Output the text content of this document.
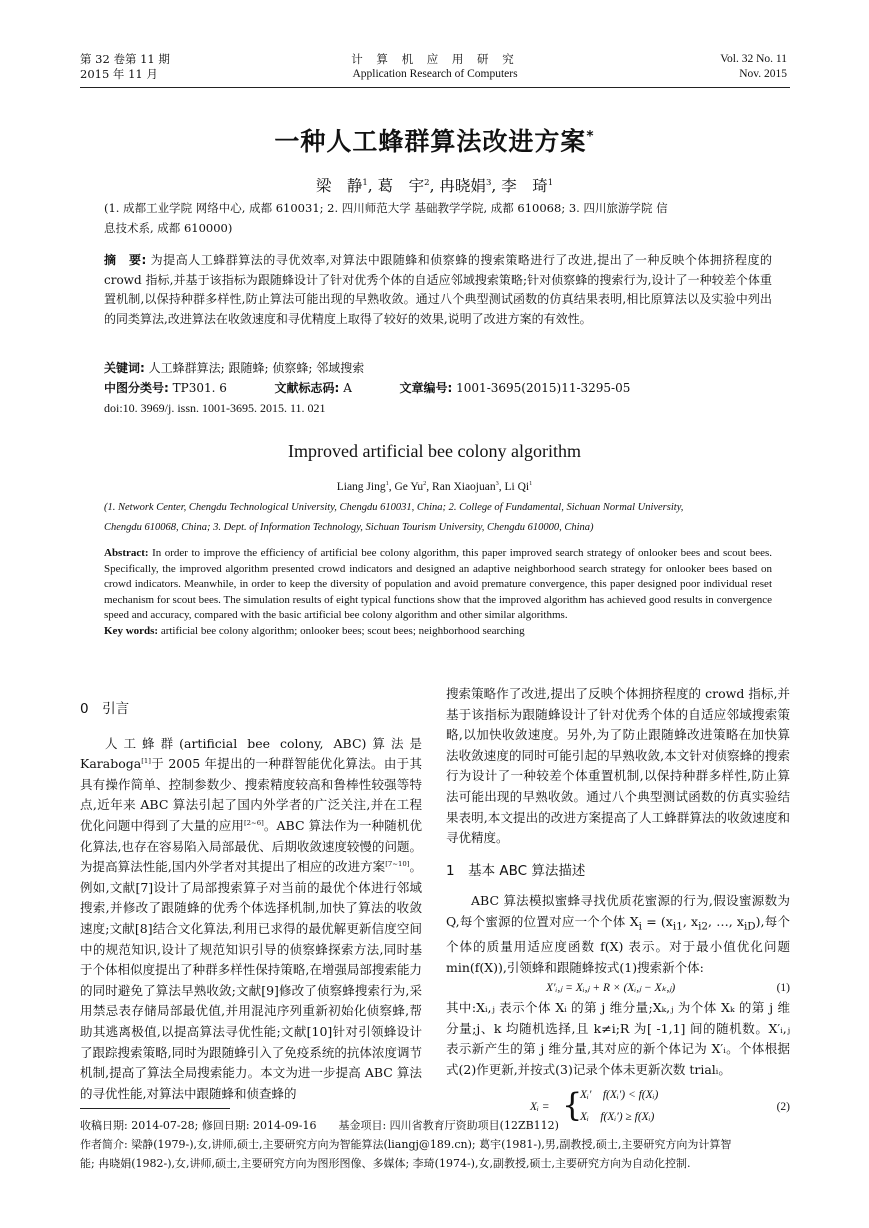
第 32 卷第 11 期
2015 年 11 月
计 算 机 应 用 研 究
Application Research of Computers
Vol. 32 No. 11
Nov. 2015
一种人工蜂群算法改进方案*
梁　静$^1$, 葛　宇$^2$, 冉晓娟$^3$, 李　琦$^1$
(1. 成都工业学院 网络中心, 成都 610031; 2. 四川师范大学 基础教学学院, 成都 610068; 3. 四川旅游学院 信
息技术系, 成都 610000)
摘　要: 为提高人工蜂群算法的寻优效率,对算法中跟随蜂和侦察蜂的搜索策略进行了改进,提出了一种反映个体拥挤程度的 crowd 指标,并基于该指标为跟随蜂设计了针对优秀个体的自适应邻域搜索策略;针对侦察蜂的搜索行为,设计了一种较差个体重置机制,以保持种群多样性,防止算法可能出现的早熟收敛。通过八个典型测试函数的仿真结果表明,相比原算法以及实验中列出的同类算法,改进算法在收敛速度和寻优精度上取得了较好的效果,说明了改进方案的有效性。
关键词: 人工蜂群算法; 跟随蜂; 侦察蜂; 邻域搜索
中图分类号: TP301. 6	文献标志码: A	文章编号: 1001-3695(2015)11-3295-05
doi:10. 3969/j. issn. 1001-3695. 2015. 11. 021
Improved artificial bee colony algorithm
Liang Jing$^1$, Ge Yu$^2$, Ran Xiaojuan$^3$, Li Qi$^1$
(1. Network Center, Chengdu Technological University, Chengdu 610031, China; 2. College of Fundamental, Sichuan Normal University,
Chengdu 610068, China; 3. Dept. of Information Technology, Sichuan Tourism University, Chengdu 610000, China)
Abstract: In order to improve the efficiency of artificial bee colony algorithm, this paper improved search strategy of onlooker bees and scout bees. Specifically, the improved algorithm presented crowd indicators and designed an adaptive neighborhood search strategy for onlooker bees based on crowd indicators. Meanwhile, in order to keep the diversity of population and avoid premature convergence, this paper designed poor individual reset mechanism for scout bees. The simulation results of eight typical functions show that the improved algorithm has achieved good results in convergence speed and accuracy, compared with the basic artificial bee colony algorithm and other similar algorithms.
Key words: artificial bee colony algorithm; onlooker bees; scout bees; neighborhood searching
0　引言

人工蜂群(artificial bee colony, ABC)算法是 Karaboga[1]于 2005 年提出的一种群智能优化算法。由于其具有操作简单、控制参数少、搜索精度较高和鲁棒性较强等特点,近年来 ABC 算法引起了国内外学者的广泛关注,并在工程优化问题中得到了大量的应用[2~6]。ABC 算法作为一种随机优化算法,也存在容易陷入局部最优、后期收敛速度较慢的问题。为提高算法性能,国内外学者对其提出了相应的改进方案[7~10]。例如,文献[7]设计了局部搜索算子对当前的最优个体进行邻域搜索,并修改了跟随蜂的优秀个体选择机制,加快了算法的收敛速度;文献[8]结合文化算法,利用已求得的最优解更新信度空间中的规范知识,设计了规范知识引导的侦察蜂探索方法,同时基于个体相似度提出了种群多样性保持策略,在增强局部搜索能力的同时避免了算法早熟收敛;文献[9]修改了侦察蜂搜索行为,采用禁忌表存储局部最优值,并用混沌序列重新初始化侦察蜂,帮助其逃离极值,以提高算法寻优性能;文献[10]针对引领蜂设计了跟踪搜索策略,同时为跟随蜂引入了免疫系统的抗体浓度调节机制,提高了算法全局搜索能力。本文为进一步提高 ABC 算法的寻优性能,对算法中跟随蜂和侦查蜂的

搜索策略作了改进,提出了反映个体拥挤程度的 crowd 指标,并基于该指标为跟随蜂设计了针对优秀个体的自适应邻域搜索策略,以加快收敛速度。另外,为了防止跟随蜂改进策略在加快算法收敛速度的同时可能引起的早熟收敛,本文针对侦察蜂的搜索行为设计了一种较差个体重置机制,以保持种群多样性,防止算法可能出现的早熟收敛。通过八个典型测试函数的仿真实验结果表明,本文提出的改进方案提高了人工蜂群算法的收敛速度和寻优精度。

1　基本 ABC 算法描述

ABC 算法模拟蜜蜂寻找优质花蜜源的行为,假设蜜源数为 Q,每个蜜源的位置对应一个个体 $X_i = (x_{i1}$, $x_{i2}$, …, $x_{iD}$),每个个体的质量用适应度函数 f(X) 表示。对于最小值优化问题 min(f(X)),引领蜂和跟随蜂按式(1)搜索新个体:

X′ᵢ,ⱼ = Xᵢ,ⱼ + R × (Xᵢ,ⱼ − Xₖ,ⱼ)	(1)

其中:Xᵢ,ⱼ 表示个体 Xᵢ 的第 j 维分量;Xₖ,ⱼ 为个体 Xₖ 的第 j 维分量;j、k 均随机选择,且 k≠i;R 为[ -1,1] 间的随机数。X′ᵢ,ⱼ 表示新产生的第 j 维分量,其对应的新个体记为 X′ᵢ。个体根据式(2)作更新,并按式(3)记录个体未更新次数 trialᵢ。

Xᵢ = {
Xᵢ′　f(Xᵢ′) < f(Xᵢ)
Xᵢ　f(Xᵢ′) ≥ f(Xᵢ)
(2)
收稿日期: 2014-07-28; 修回日期: 2014-09-16　　基金项目: 四川省教育厅资助项目(12ZB112)
作者简介: 梁静(1979-),女,讲师,硕士,主要研究方向为智能算法(liangj@189.cn); 葛宇(1981-),男,副教授,硕士,主要研究方向为计算智
能; 冉晓娟(1982-),女,讲师,硕士,主要研究方向为图形图像、多媒体; 李琦(1974-),女,副教授,硕士,主要研究方向为自动化控制.
